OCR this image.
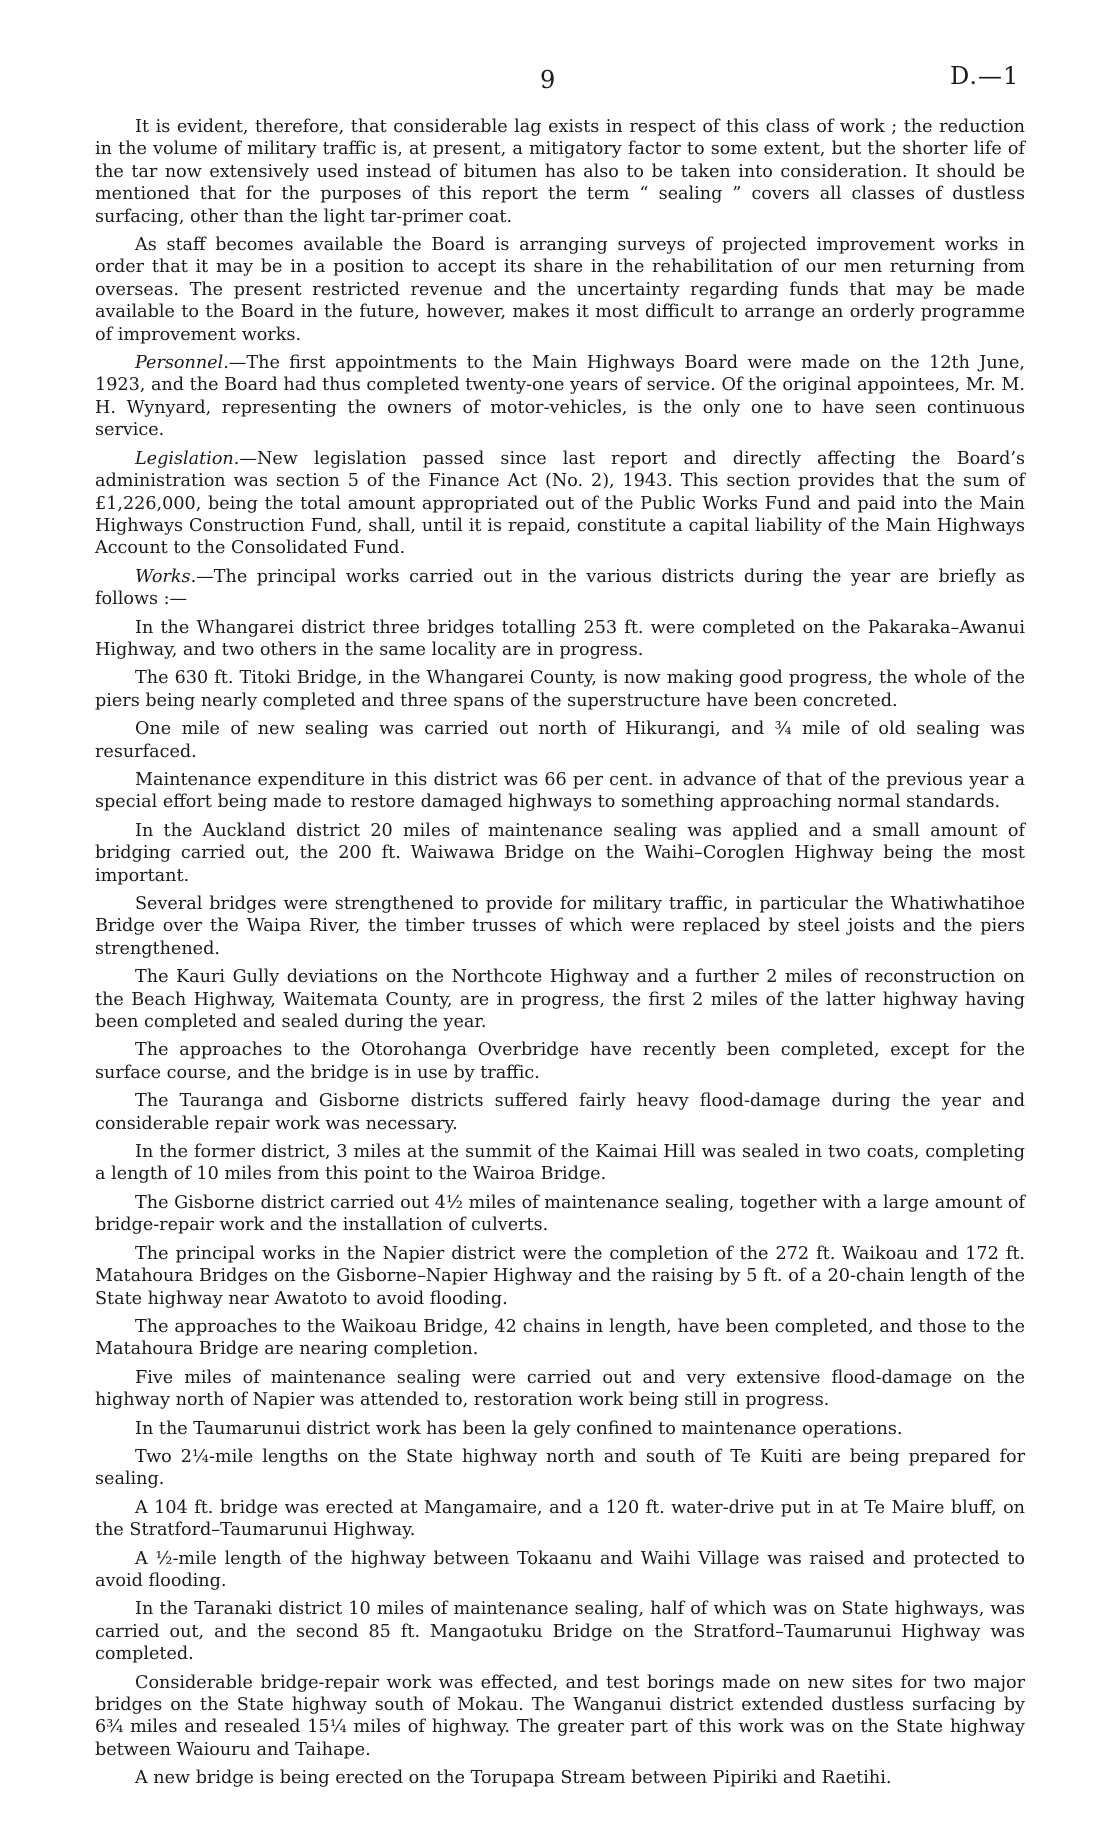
9	D.—1

It is evident, therefore, that considerable lag exists in respect of this class of work ; the reduction in the volume of military traffic is, at present, a mitigatory factor to some extent, but the shorter life of the tar now extensively used instead of bitumen has also to be taken into consideration. It should be mentioned that for the purposes of this report the term “ sealing ” covers all classes of dustless surfacing, other than the light tar-primer coat.

As staff becomes available the Board is arranging surveys of projected improvement works in order that it may be in a position to accept its share in the rehabilitation of our men returning from overseas. The present restricted revenue and the uncertainty regarding funds that may be made available to the Board in the future, however, makes it most difficult to arrange an orderly programme of improvement works.

Personnel.—The first appointments to the Main Highways Board were made on the 12th June, 1923, and the Board had thus completed twenty-one years of service. Of the original appointees, Mr. M. H. Wynyard, representing the owners of motor-vehicles, is the only one to have seen continuous service.

Legislation.—New legislation passed since last report and directly affecting the Board’s administration was section 5 of the Finance Act (No. 2), 1943. This section provides that the sum of £1,226,000, being the total amount appropriated out of the Public Works Fund and paid into the Main Highways Construction Fund, shall, until it is repaid, constitute a capital liability of the Main Highways Account to the Consolidated Fund.

Works.—The principal works carried out in the various districts during the year are briefly as follows :—

In the Whangarei district three bridges totalling 253 ft. were completed on the Pakaraka–Awanui Highway, and two others in the same locality are in progress.

The 630 ft. Titoki Bridge, in the Whangarei County, is now making good progress, the whole of the piers being nearly completed and three spans of the superstructure have been concreted.

One mile of new sealing was carried out north of Hikurangi, and ¾ mile of old sealing was resurfaced.

Maintenance expenditure in this district was 66 per cent. in advance of that of the previous year a special effort being made to restore damaged highways to something approaching normal standards.

In the Auckland district 20 miles of maintenance sealing was applied and a small amount of bridging carried out, the 200 ft. Waiwawa Bridge on the Waihi–Coroglen Highway being the most important.

Several bridges were strengthened to provide for military traffic, in particular the Whatiwhatihoe Bridge over the Waipa River, the timber trusses of which were replaced by steel joists and the piers strengthened.

The Kauri Gully deviations on the Northcote Highway and a further 2 miles of reconstruction on the Beach Highway, Waitemata County, are in progress, the first 2 miles of the latter highway having been completed and sealed during the year.

The approaches to the Otorohanga Overbridge have recently been completed, except for the surface course, and the bridge is in use by traffic.

The Tauranga and Gisborne districts suffered fairly heavy flood-damage during the year and considerable repair work was necessary.

In the former district, 3 miles at the summit of the Kaimai Hill was sealed in two coats, completing a length of 10 miles from this point to the Wairoa Bridge.

The Gisborne district carried out 4½ miles of maintenance sealing, together with a large amount of bridge-repair work and the installation of culverts.

The principal works in the Napier district were the completion of the 272 ft. Waikoau and 172 ft. Matahoura Bridges on the Gisborne–Napier Highway and the raising by 5 ft. of a 20-chain length of the State highway near Awatoto to avoid flooding.

The approaches to the Waikoau Bridge, 42 chains in length, have been completed, and those to the Matahoura Bridge are nearing completion.

Five miles of maintenance sealing were carried out and very extensive flood-damage on the highway north of Napier was attended to, restoration work being still in progress.

In the Taumarunui district work has been la gely confined to maintenance operations.

Two 2¼-mile lengths on the State highway north and south of Te Kuiti are being prepared for sealing.

A 104 ft. bridge was erected at Mangamaire, and a 120 ft. water-drive put in at Te Maire bluff, on the Stratford–Taumarunui Highway.

A ½-mile length of the highway between Tokaanu and Waihi Village was raised and protected to avoid flooding.

In the Taranaki district 10 miles of maintenance sealing, half of which was on State highways, was carried out, and the second 85 ft. Mangaotuku Bridge on the Stratford–Taumarunui Highway was completed.

Considerable bridge-repair work was effected, and test borings made on new sites for two major bridges on the State highway south of Mokau. The Wanganui district extended dustless surfacing by 6¾ miles and resealed 15¼ miles of highway. The greater part of this work was on the State highway between Waiouru and Taihape.

A new bridge is being erected on the Torupapa Stream between Pipiriki and Raetihi.
